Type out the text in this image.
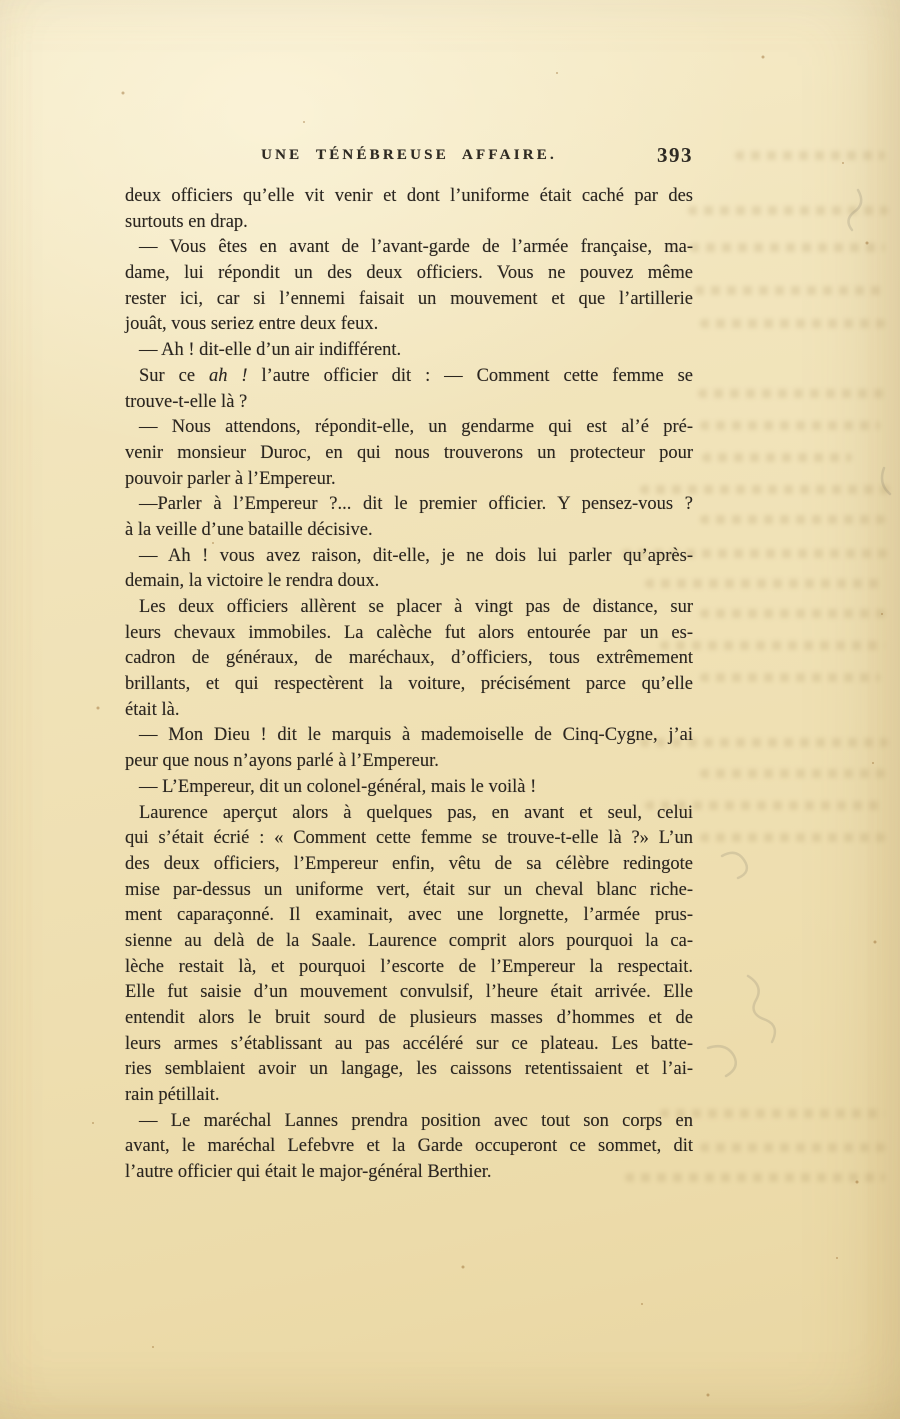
UNE TÉNÉBREUSE AFFAIRE.	393
deux officiers qu’elle vit venir et dont l’uniforme était caché par des
surtouts en drap.
— Vous êtes en avant de l’avant-garde de l’armée française, ma-
dame, lui répondit un des deux officiers. Vous ne pouvez même
rester ici, car si l’ennemi faisait un mouvement et que l’artillerie
jouât, vous seriez entre deux feux.
— Ah ! dit-elle d’un air indifférent.
Sur ce ah ! l’autre officier dit : — Comment cette femme se
trouve-t-elle là ?
— Nous attendons, répondit-elle, un gendarme qui est al’é pré-
venir monsieur Duroc, en qui nous trouverons un protecteur pour
pouvoir parler à l’Empereur.
—Parler à l’Empereur ?... dit le premier officier. Y pensez-vous ?
à la veille d’une bataille décisive.
— Ah ! vous avez raison, dit-elle, je ne dois lui parler qu’après-
demain, la victoire le rendra doux.
Les deux officiers allèrent se placer à vingt pas de distance, sur
leurs chevaux immobiles. La calèche fut alors entourée par un es-
cadron de généraux, de maréchaux, d’officiers, tous extrêmement
brillants, et qui respectèrent la voiture, précisément parce qu’elle
était là.
— Mon Dieu ! dit le marquis à mademoiselle de Cinq-Cygne, j’ai
peur que nous n’ayons parlé à l’Empereur.
— L’Empereur, dit un colonel-général, mais le voilà !
Laurence aperçut alors à quelques pas, en avant et seul, celui
qui s’était écrié : « Comment cette femme se trouve-t-elle là ?» L’un
des deux officiers, l’Empereur enfin, vêtu de sa célèbre redingote
mise par-dessus un uniforme vert, était sur un cheval blanc riche-
ment caparaçonné. Il examinait, avec une lorgnette, l’armée prus-
sienne au delà de la Saale. Laurence comprit alors pourquoi la ca-
lèche restait là, et pourquoi l’escorte de l’Empereur la respectait.
Elle fut saisie d’un mouvement convulsif, l’heure était arrivée. Elle
entendit alors le bruit sourd de plusieurs masses d’hommes et de
leurs armes s’établissant au pas accéléré sur ce plateau. Les batte-
ries semblaient avoir un langage, les caissons retentissaient et l’ai-
rain pétillait.
— Le maréchal Lannes prendra position avec tout son corps en
avant, le maréchal Lefebvre et la Garde occuperont ce sommet, dit
l’autre officier qui était le major-général Berthier.
